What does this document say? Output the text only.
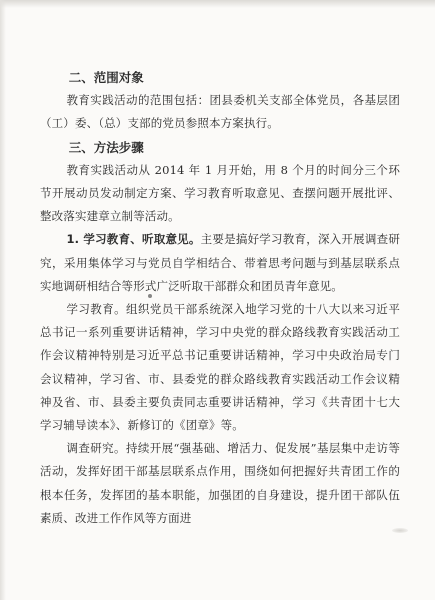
二、范围对象

教育实践活动的范围包括：团县委机关支部全体党员，各基层团（工）委、（总）支部的党员参照本方案执行。

三、方法步骤

教育实践活动从 2014 年 1 月开始，用 8 个月的时间分三个环节开展动员发动制定方案、学习教育听取意见、查摆问题开展批评、整改落实建章立制等活动。

1. 学习教育、听取意见。主要是搞好学习教育，深入开展调查研究，采用集体学习与党员自学相结合、带着思考问题与到基层联系点实地调研相结合等形式广泛听取干部群众和团员青年意见。

学习教育。组织党员干部系统深入地学习党的十八大以来习近平总书记一系列重要讲话精神，学习中央党的群众路线教育实践活动工作会议精神特别是习近平总书记重要讲话精神，学习中央政治局专门会议精神，学习省、市、县委党的群众路线教育实践活动工作会议精神及省、市、县委主要负责同志重要讲话精神，学习《共青团十七大学习辅导读本》、新修订的《团章》等。

调查研究。持续开展“强基础、增活力、促发展”基层集中走访等活动，发挥好团干部基层联系点作用，围绕如何把握好共青团工作的根本任务，发挥团的基本职能，加强团的自身建设，提升团干部队伍素质、改进工作作风等方面进
